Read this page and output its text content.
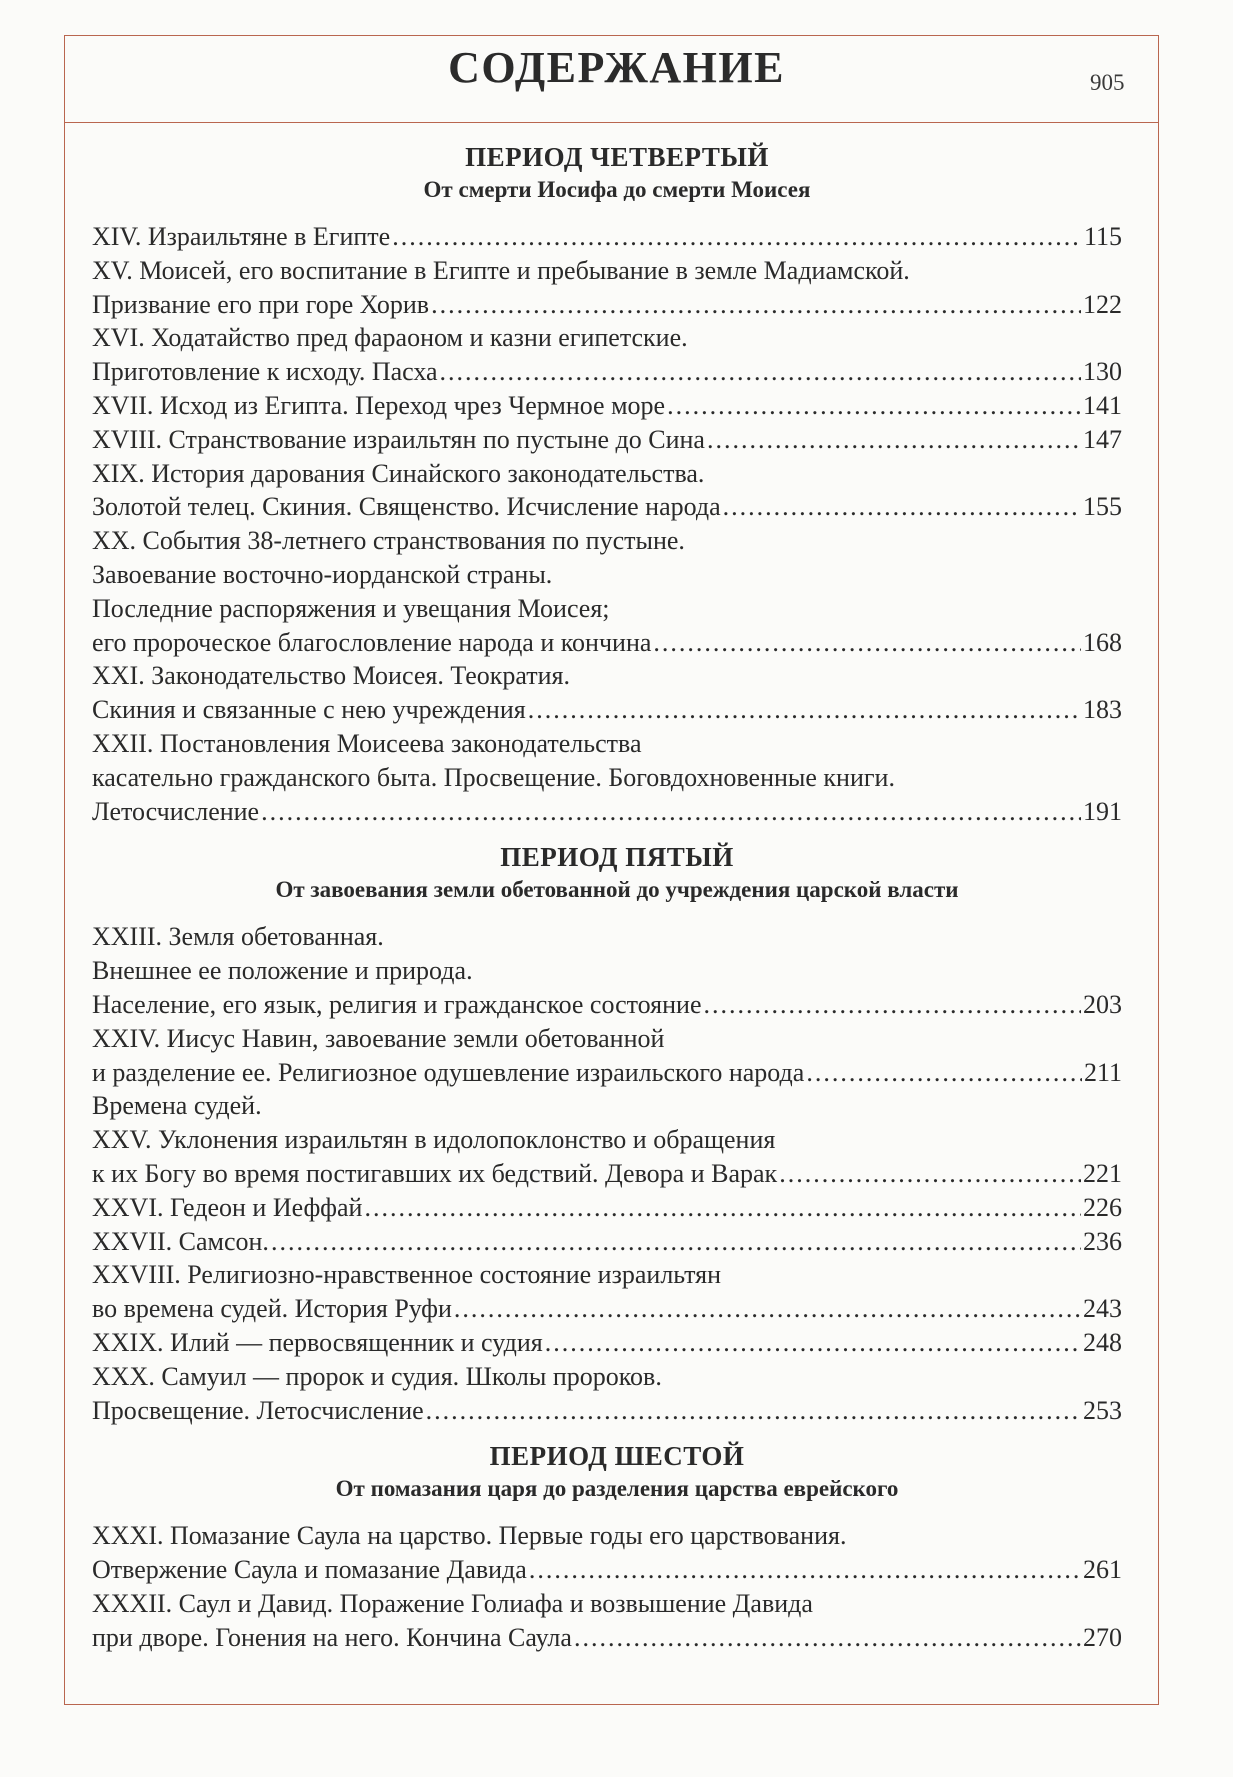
СОДЕРЖАНИЕ	905
ПЕРИОД ЧЕТВЕРТЫЙ
От смерти Иосифа до смерти Моисея
XIV. Израильтяне в Египте .....	115
XV. Моисей, его воспитание в Египте и пребывание в земле Мадиамской.
Призвание его при горе Хорив .....	122
XVI. Ходатайство пред фараоном и казни египетские.
Приготовление к исходу. Пасха .....	130
XVII. Исход из Египта. Переход чрез Чермное море .....	141
XVIII. Странствование израильтян по пустыне до Сина .....	147
XIX. История дарования Синайского законодательства.
Золотой телец. Скиния. Священство. Исчисление народа .....	155
XX. События 38-летнего странствования по пустыне.
Завоевание восточно-иорданской страны.
Последние распоряжения и увещания Моисея;
его пророческое благословление народа и кончина .....	168
XXI. Законодательство Моисея. Теократия.
Скиния и связанные с нею учреждения .....	183
XXII. Постановления Моисеева законодательства
касательно гражданского быта. Просвещение. Боговдохновенные книги.
Летосчисление .....	191
ПЕРИОД ПЯТЫЙ
От завоевания земли обетованной до учреждения царской власти
XXIII. Земля обетованная.
Внешнее ее положение и природа.
Население, его язык, религия и гражданское состояние .....	203
XXIV. Иисус Навин, завоевание земли обетованной
и разделение ее. Религиозное одушевление израильского народа .....	211
Времена судей.
XXV. Уклонения израильтян в идолопоклонство и обращения
к их Богу во время постигавших их бедствий. Девора и Варак .....	221
XXVI. Гедеон и Иеффай .....	226
XXVII. Самсон. .....	236
XXVIII. Религиозно-нравственное состояние израильтян
во времена судей. История Руфи .....	243
XXIX. Илий — первосвященник и судия .....	248
XXX. Самуил — пророк и судия. Школы пророков.
Просвещение. Летосчисление .....	253
ПЕРИОД ШЕСТОЙ
От помазания царя до разделения царства еврейского
XXXI. Помазание Саула на царство. Первые годы его царствования.
Отвержение Саула и помазание Давида .....	261
XXXII. Саул и Давид. Поражение Голиафа и возвышение Давида
при дворе. Гонения на него. Кончина Саула .....	270
